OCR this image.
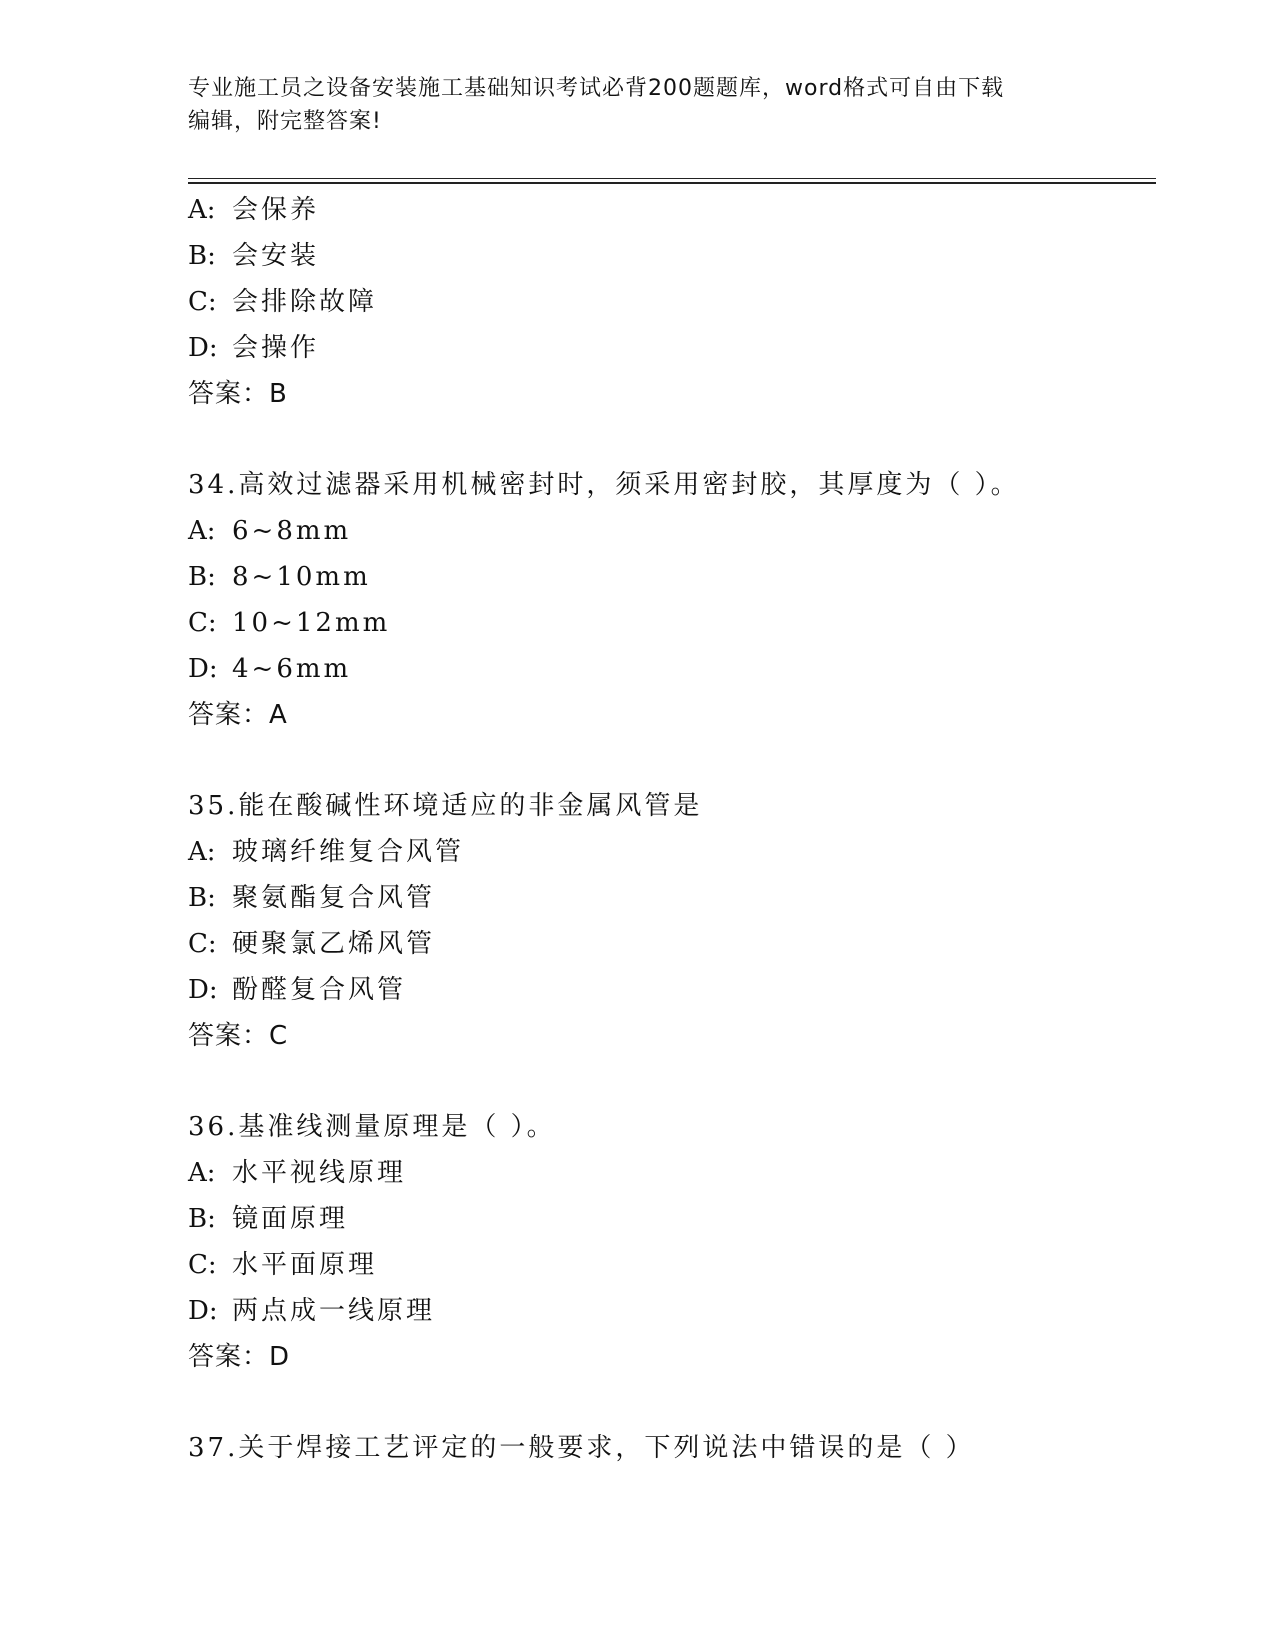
专业施工员之设备安装施工基础知识考试必背200题题库，word格式可自由下载
编辑，附完整答案!
A: 会保养
B: 会安装
C: 会排除故障
D: 会操作
答案：B
34.高效过滤器采用机械密封时，须采用密封胶，其厚度为（ ）。
A: 6~8mm
B: 8~10mm
C: 10~12mm
D: 4~6mm
答案：A
35.能在酸碱性环境适应的非金属风管是
A: 玻璃纤维复合风管
B: 聚氨酯复合风管
C: 硬聚氯乙烯风管
D: 酚醛复合风管
答案：C
36.基准线测量原理是（ ）。
A: 水平视线原理
B: 镜面原理
C: 水平面原理
D: 两点成一线原理
答案：D
37.关于焊接工艺评定的一般要求，下列说法中错误的是（ ）
